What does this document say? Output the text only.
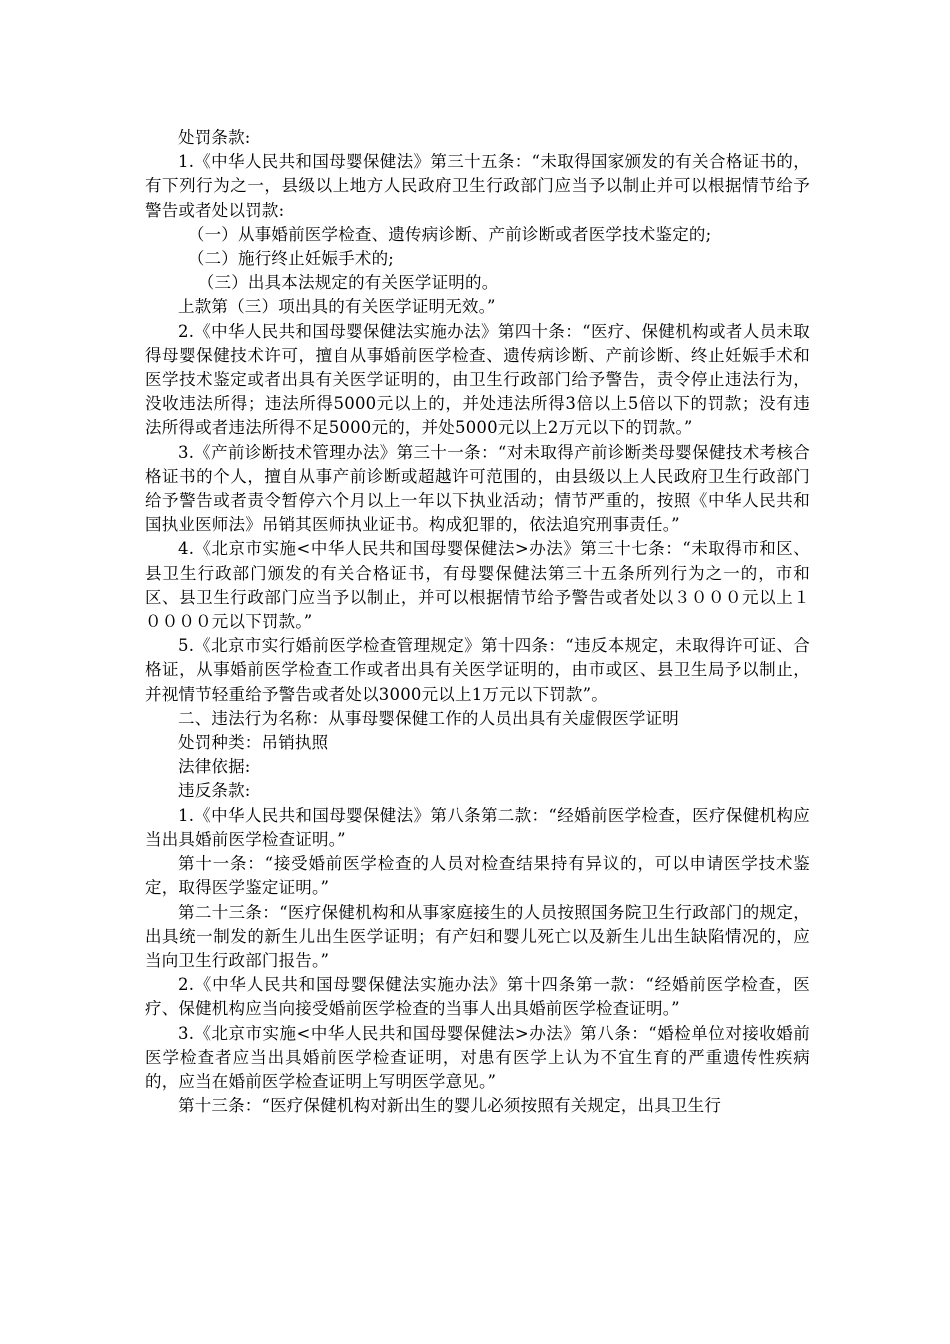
处罚条款:

1.《中华人民共和国母婴保健法》第三十五条：“未取得国家颁发的有关合格证书的，有下列行为之一，县级以上地方人民政府卫生行政部门应当予以制止并可以根据情节给予警告或者处以罚款:

（一）从事婚前医学检查、遗传病诊断、产前诊断或者医学技术鉴定的;

（二）施行终止妊娠手术的;

（三）出具本法规定的有关医学证明的。

上款第（三）项出具的有关医学证明无效。”

2.《中华人民共和国母婴保健法实施办法》第四十条：“医疗、保健机构或者人员未取得母婴保健技术许可，擅自从事婚前医学检查、遗传病诊断、产前诊断、终止妊娠手术和医学技术鉴定或者出具有关医学证明的，由卫生行政部门给予警告，责令停止违法行为，没收违法所得；违法所得5000元以上的，并处违法所得3倍以上5倍以下的罚款；没有违法所得或者违法所得不足5000元的，并处5000元以上2万元以下的罚款。”

3.《产前诊断技术管理办法》第三十一条：“对未取得产前诊断类母婴保健技术考核合格证书的个人，擅自从事产前诊断或超越许可范围的，由县级以上人民政府卫生行政部门给予警告或者责令暂停六个月以上一年以下执业活动；情节严重的，按照《中华人民共和国执业医师法》吊销其医师执业证书。构成犯罪的，依法追究刑事责任。”

4.《北京市实施<中华人民共和国母婴保健法>办法》第三十七条：“未取得市和区、县卫生行政部门颁发的有关合格证书，有母婴保健法第三十五条所列行为之一的，市和区、县卫生行政部门应当予以制止，并可以根据情节给予警告或者处以３０００元以上１００００元以下罚款。”

5.《北京市实行婚前医学检查管理规定》第十四条：“违反本规定，未取得许可证、合格证，从事婚前医学检查工作或者出具有关医学证明的，由市或区、县卫生局予以制止，并视情节轻重给予警告或者处以3000元以上1万元以下罚款”。

二、违法行为名称：从事母婴保健工作的人员出具有关虚假医学证明

处罚种类：吊销执照

法律依据:

违反条款:

1.《中华人民共和国母婴保健法》第八条第二款：“经婚前医学检查，医疗保健机构应当出具婚前医学检查证明。”

第十一条：“接受婚前医学检查的人员对检查结果持有异议的，可以申请医学技术鉴定，取得医学鉴定证明。”

第二十三条：“医疗保健机构和从事家庭接生的人员按照国务院卫生行政部门的规定，出具统一制发的新生儿出生医学证明；有产妇和婴儿死亡以及新生儿出生缺陷情况的，应当向卫生行政部门报告。”

2.《中华人民共和国母婴保健法实施办法》第十四条第一款：“经婚前医学检查，医疗、保健机构应当向接受婚前医学检查的当事人出具婚前医学检查证明。”

3.《北京市实施<中华人民共和国母婴保健法>办法》第八条：“婚检单位对接收婚前医学检查者应当出具婚前医学检查证明，对患有医学上认为不宜生育的严重遗传性疾病的，应当在婚前医学检查证明上写明医学意见。”

第十三条：“医疗保健机构对新出生的婴儿必须按照有关规定，出具卫生行
